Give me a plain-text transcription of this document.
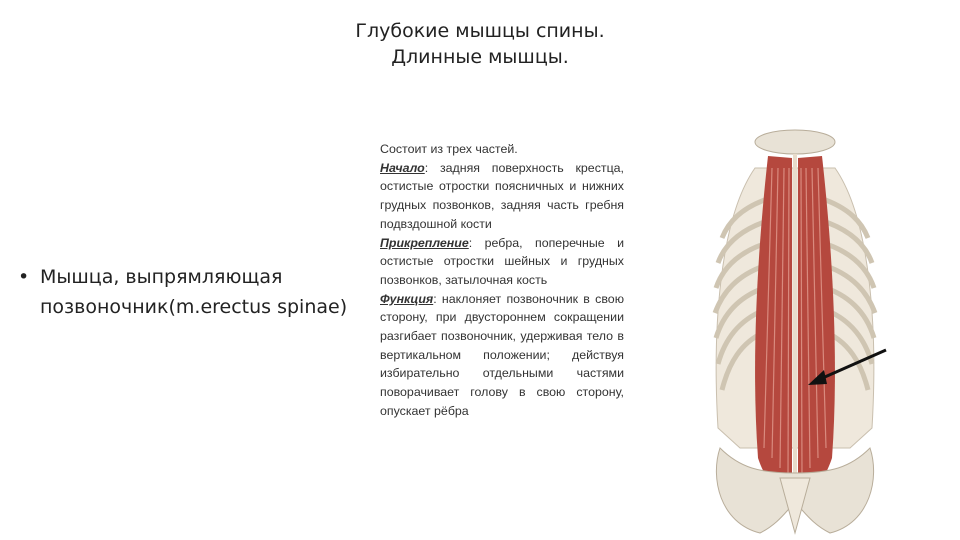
Глубокие мышцы спины.
Длинные мышцы.
• Мышца, выпрямляющая позвоночник(m.erectus spinae)

Состоит из трех частей.

Начало: задняя поверхность крестца, остистые отростки поясничных и нижних грудных позвонков, задняя часть гребня подвздошной кости

Прикрепление: ребра, поперечные и остистые отростки шейных и грудных позвонков, затылочная кость

Функция: наклоняет позвоночник в свою сторону, при двустороннем сокращении разгибает позвоночник, удерживая тело в вертикальном положении; действуя избирательно отдельными частями поворачивает голову в свою сторону, опускает рёбра
